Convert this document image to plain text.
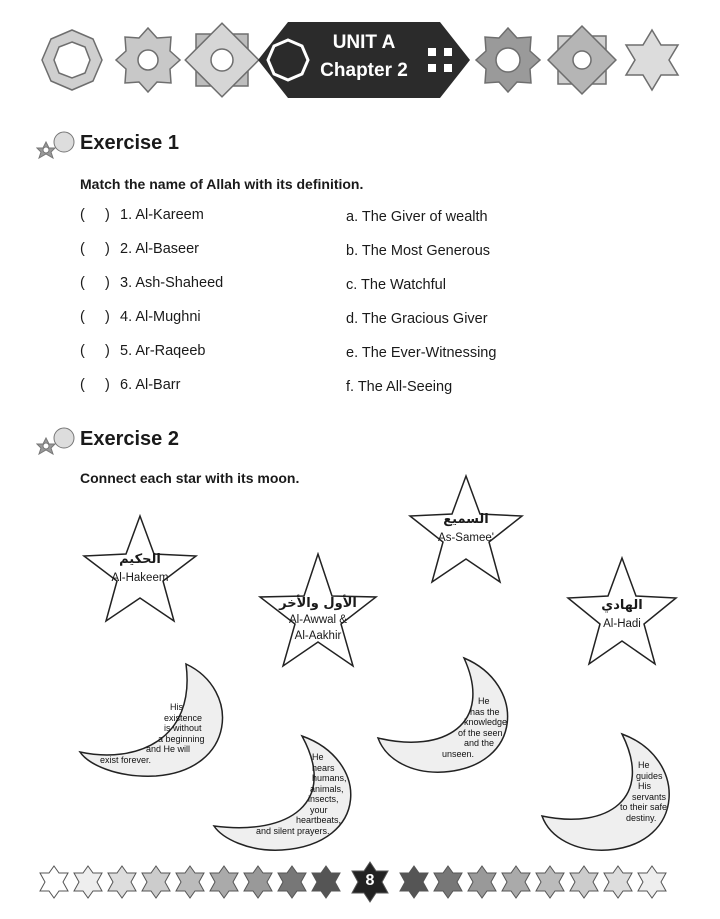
UNIT A
Chapter 2
Exercise 1
Match the name of Allah with its definition.
( ) 1. Al-Kareem	a. The Giver of wealth
( ) 2. Al-Baseer	b. The Most Generous
( ) 3. Ash-Shaheed	c. The Watchful
( ) 4. Al-Mughni	d. The Gracious Giver
( ) 5. Ar-Raqeeb	e. The Ever-Witnessing
( ) 6. Al-Barr	f. The All-Seeing
Exercise 2
Connect each star with its moon.
الحكيم
Al-Hakeem
الأول والأخر
Al-Awwal &
Al-Aakhir
السميع
As-Samee'
الهادي
Al-Hadi
His
existence
is without
a beginning
and He will
exist forever.	He
hears
humans,
animals,
insects,
your
heartbeats,
and silent prayers.
He
has the
knowledge
of the seen
and the
unseen.
He
guides
His
servants
to their safe
destiny.
8
